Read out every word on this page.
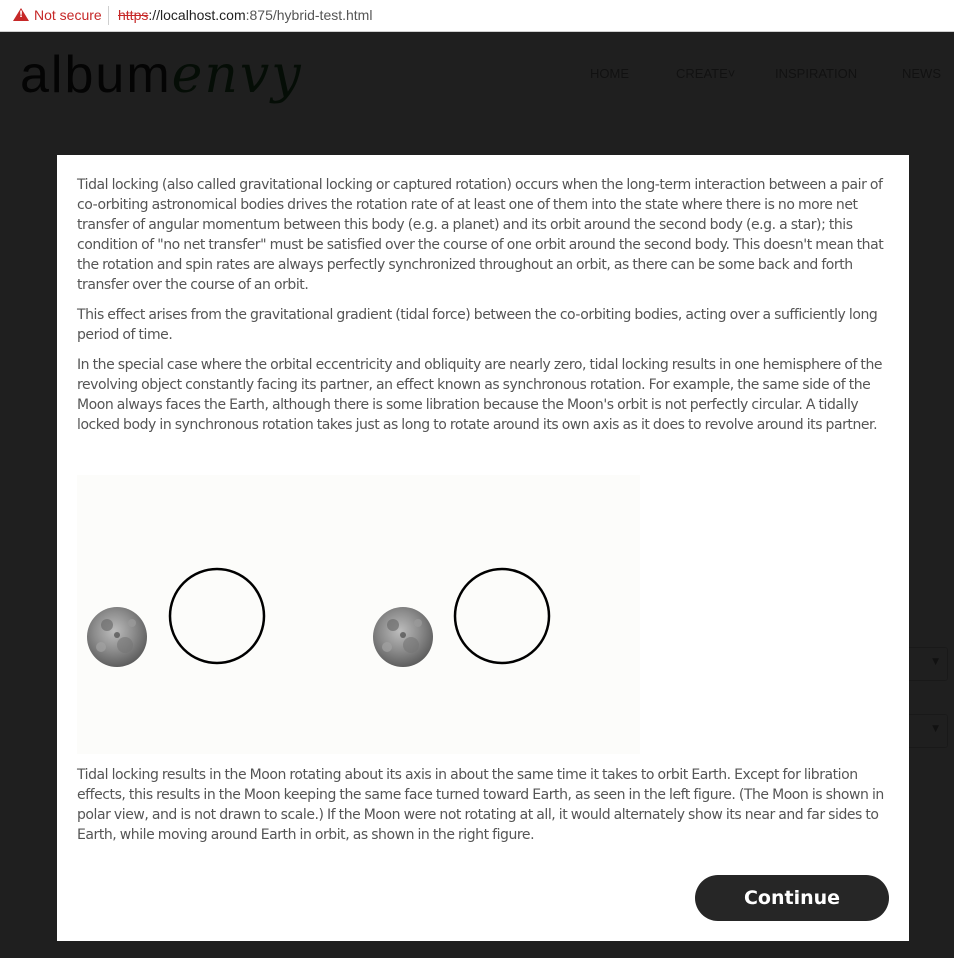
! Not secure https://localhost.com:875/hybrid-test.html

Tidal locking (also called gravitational locking or captured rotation) occurs when the long-term interaction between a pair of co-orbiting astronomical bodies drives the rotation rate of at least one of them into the state where there is no more net transfer of angular momentum between this body (e.g. a planet) and its orbit around the second body (e.g. a star); this condition of "no net transfer" must be satisfied over the course of one orbit around the second body. This doesn't mean that the rotation and spin rates are always perfectly synchronized throughout an orbit, as there can be some back and forth transfer over the course of an orbit.

This effect arises from the gravitational gradient (tidal force) between the co-orbiting bodies, acting over a sufficiently long period of time.

In the special case where the orbital eccentricity and obliquity are nearly zero, tidal locking results in one hemisphere of the revolving object constantly facing its partner, an effect known as synchronous rotation. For example, the same side of the Moon always faces the Earth, although there is some libration because the Moon's orbit is not perfectly circular. A tidally locked body in synchronous rotation takes just as long to rotate around its own axis as it does to revolve around its partner.

Tidal locking results in the Moon rotating about its axis in about the same time it takes to orbit Earth. Except for libration effects, this results in the Moon keeping the same face turned toward Earth, as seen in the left figure. (The Moon is shown in polar view, and is not drawn to scale.) If the Moon were not rotating at all, it would alternately show its near and far sides to Earth, while moving around Earth in orbit, as shown in the right figure.

Continue
